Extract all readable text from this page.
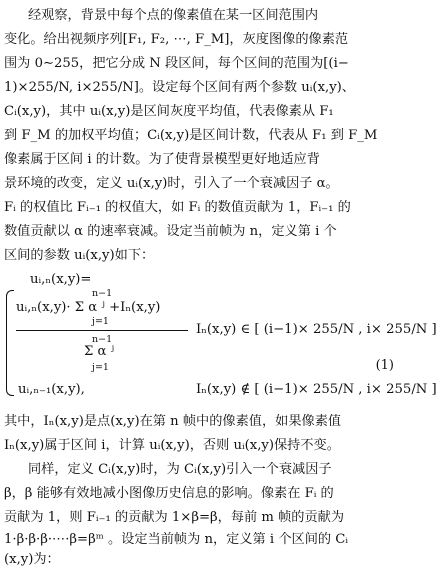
经观察，背景中每个点的像素值在某一区间范围内
变化。给出视频序列[F₁, F₂, ⋯, F_M]，灰度图像的像素范
围为 0∼255，把它分成 N 段区间，每个区间的范围为[(i−
1)×255/N, i×255/N]。设定每个区间有两个参数 uᵢ(x,y)、
Cᵢ(x,y)，其中 uᵢ(x,y)是区间灰度平均值，代表像素从 F₁
到 F_M 的加权平均值；Cᵢ(x,y)是区间计数，代表从 F₁ 到 F_M
像素属于区间 i 的计数。为了使背景模型更好地适应背
景环境的改变，定义 uᵢ(x,y)时，引入了一个衰减因子 α。
Fᵢ 的权值比 Fᵢ₋₁ 的权值大，如 Fᵢ 的数值贡献为 1，Fᵢ₋₁ 的
数值贡献以 α 的速率衰减。设定当前帧为 n，定义第 i 个
区间的参数 uᵢ(x,y)如下：
uᵢ,ₙ(x,y)=
n−1
uᵢ,ₙ(x,y)· Σ α ʲ +Iₙ(x,y)
j=1
n−1
Σ α ʲ
j=1
Iₙ(x,y) ∈ [ (i−1)× 255/N , i× 255/N ]
uᵢ,ₙ₋₁(x,y),	Iₙ(x,y) ∉ [ (i−1)× 255/N , i× 255/N ]
(1)
其中，Iₙ(x,y)是点(x,y)在第 n 帧中的像素值，如果像素值
Iₙ(x,y)属于区间 i，计算 uᵢ(x,y)，否则 uᵢ(x,y)保持不变。
同样，定义 Cᵢ(x,y)时，为 Cᵢ(x,y)引入一个衰减因子
β，β 能够有效地减小图像历史信息的影响。像素在 Fᵢ 的
贡献为 1，则 Fᵢ₋₁ 的贡献为 1×β=β，每前 m 帧的贡献为
1·β·β·β·⋯·β=βᵐ 。设定当前帧为 n，定义第 i 个区间的 Cᵢ
(x,y)为：
